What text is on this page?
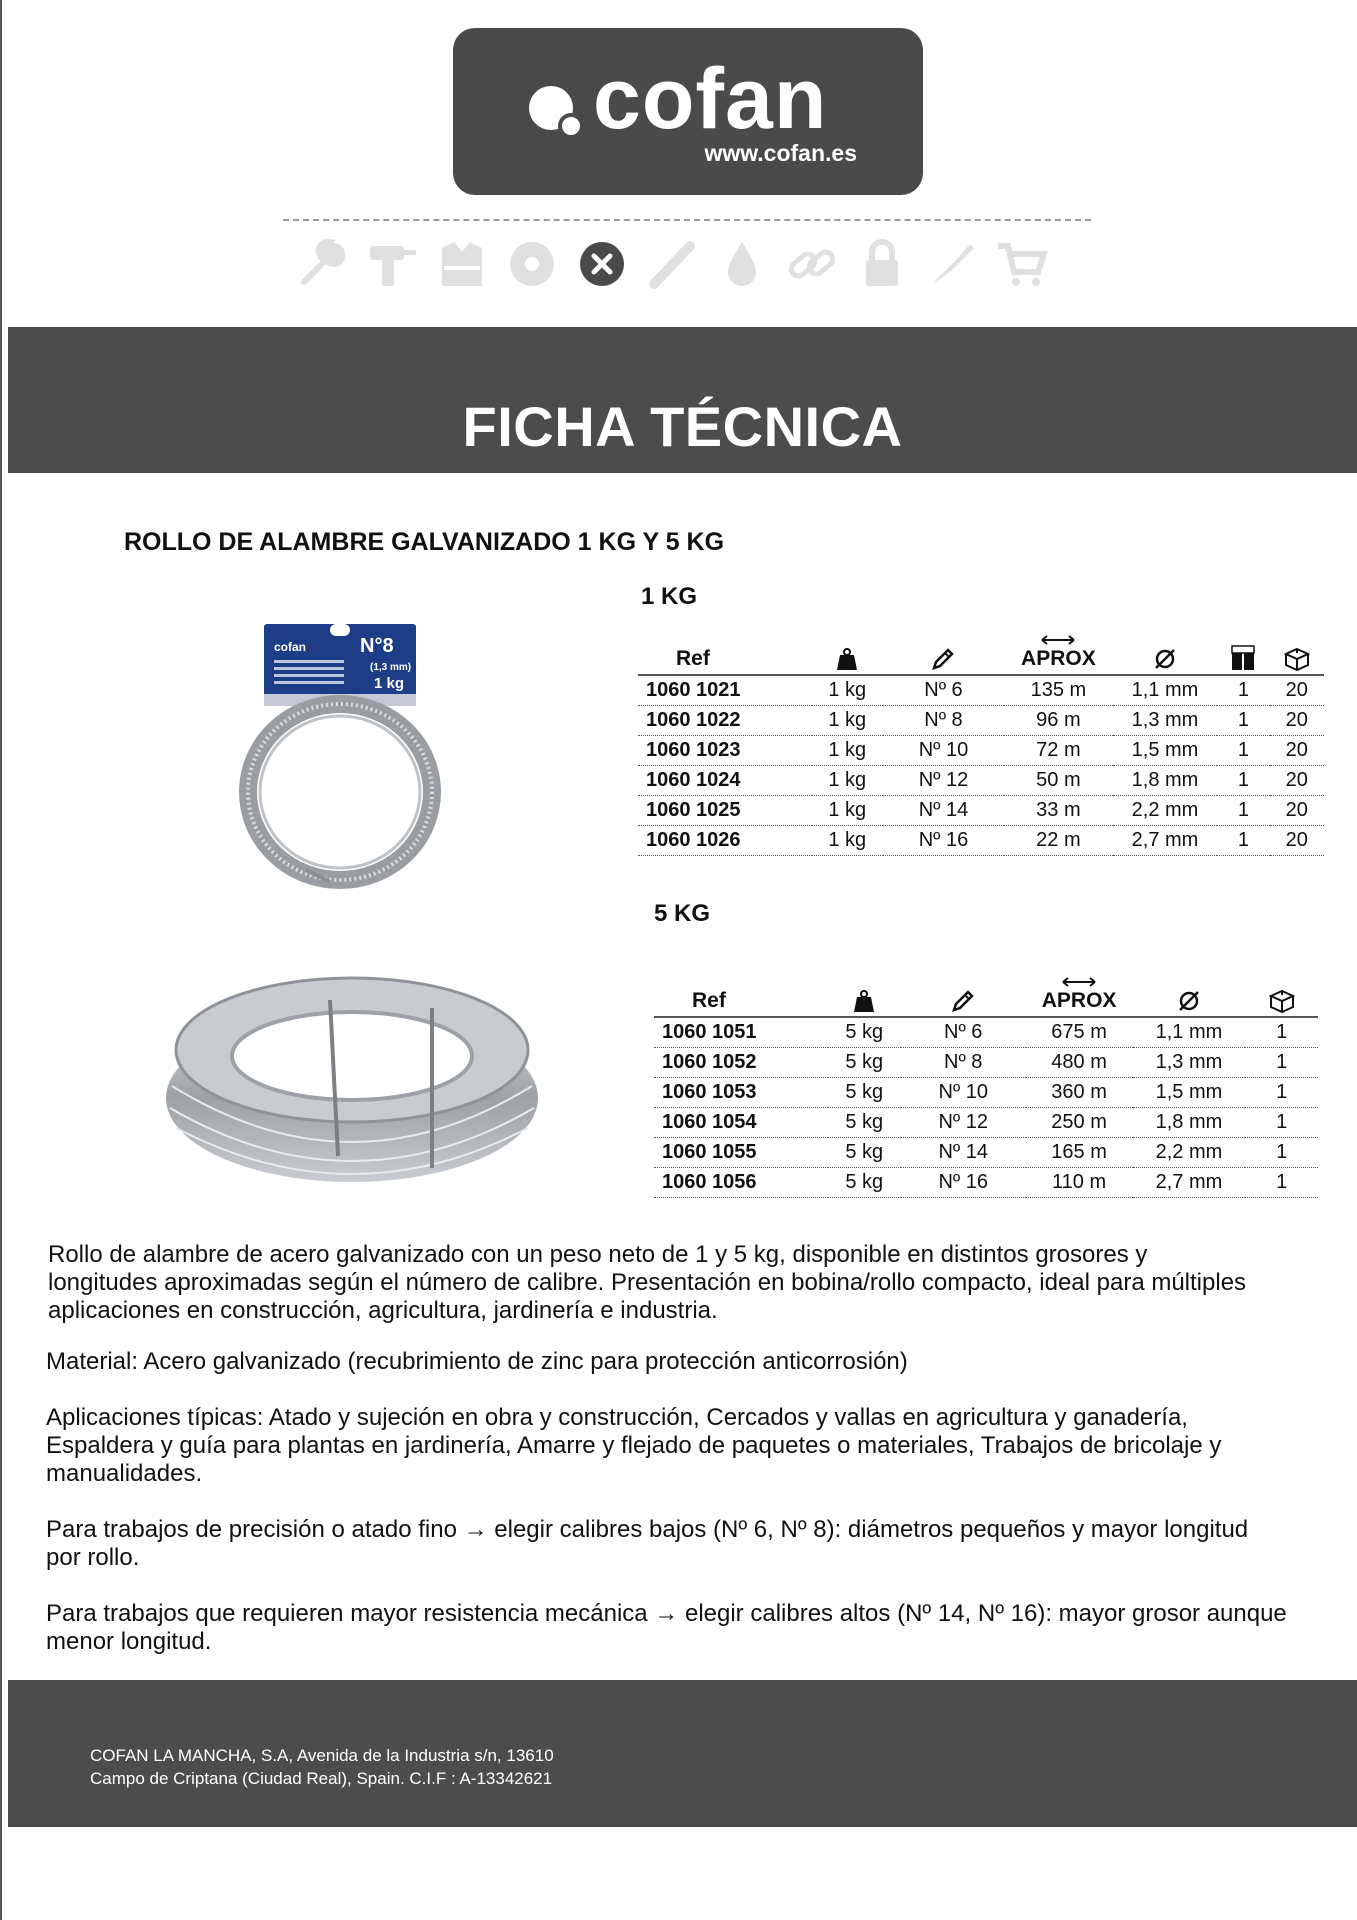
cofan
www.cofan.es
FICHA TÉCNICA
ROLLO DE ALAMBRE GALVANIZADO 1 KG Y 5 KG
cofan	N°8
(1,3 mm)
1 kg
1 KG
Ref			APROX			
1060 1021	1 kg	Nº 6	135 m	1,1 mm	1	20
1060 1022	1 kg	Nº 8	96 m	1,3 mm	1	20
1060 1023	1 kg	Nº 10	72 m	1,5 mm	1	20
1060 1024	1 kg	Nº 12	50 m	1,8 mm	1	20
1060 1025	1 kg	Nº 14	33 m	2,2 mm	1	20
1060 1026	1 kg	Nº 16	22 m	2,7 mm	1	20
5 KG
Ref			APROX		
1060 1051	5 kg	Nº 6	675 m	1,1 mm	1
1060 1052	5 kg	Nº 8	480 m	1,3 mm	1
1060 1053	5 kg	Nº 10	360 m	1,5 mm	1
1060 1054	5 kg	Nº 12	250 m	1,8 mm	1
1060 1055	5 kg	Nº 14	165 m	2,2 mm	1
1060 1056	5 kg	Nº 16	110 m	2,7 mm	1

Rollo de alambre de acero galvanizado con un peso neto de 1 y 5 kg, disponible en distintos grosores y longitudes aproximadas según el número de calibre. Presentación en bobina/rollo compacto, ideal para múltiples aplicaciones en construcción, agricultura, jardinería e industria.

Material: Acero galvanizado (recubrimiento de zinc para protección anticorrosión)

Aplicaciones típicas: Atado y sujeción en obra y construcción, Cercados y vallas en agricultura y ganadería, Espaldera y guía para plantas en jardinería, Amarre y flejado de paquetes o materiales, Trabajos de bricolaje y manualidades.

Para trabajos de precisión o atado fino → elegir calibres bajos (Nº 6, Nº 8): diámetros pequeños y mayor longitud por rollo.

Para trabajos que requieren mayor resistencia mecánica → elegir calibres altos (Nº 14, Nº 16): mayor grosor aunque menor longitud.

COFAN LA MANCHA, S.A, Avenida de la Industria s/n, 13610

Campo de Criptana (Ciudad Real), Spain. C.I.F : A-13342621
